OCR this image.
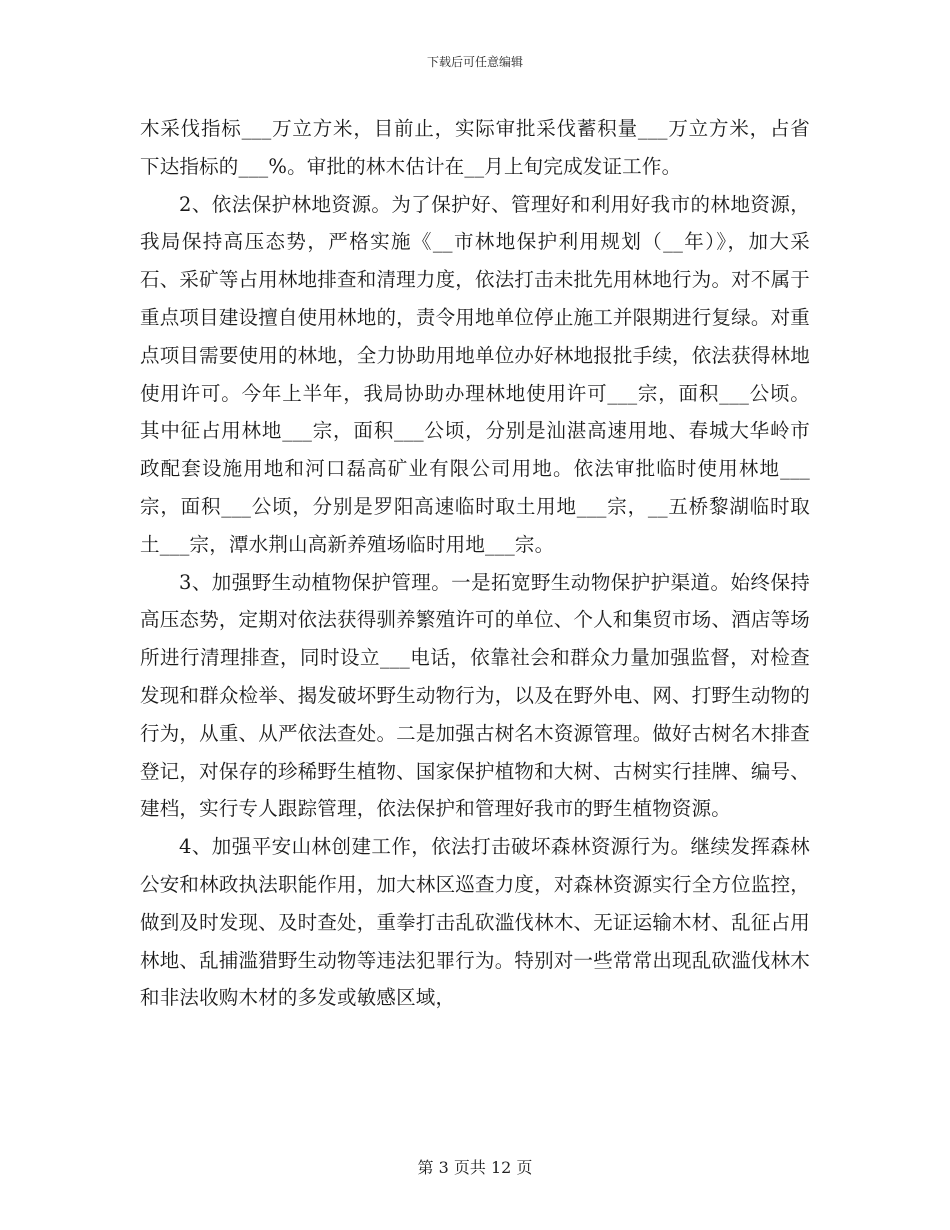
下载后可任意编辑

木采伐指标___万立方米，目前止，实际审批采伐蓄积量___万立方米，占省下达指标的___%。审批的林木估计在__月上旬完成发证工作。

2、依法保护林地资源。为了保护好、管理好和利用好我市的林地资源，我局保持高压态势，严格实施《__市林地保护利用规划（__年）》，加大采石、采矿等占用林地排查和清理力度，依法打击未批先用林地行为。对不属于重点项目建设擅自使用林地的，责令用地单位停止施工并限期进行复绿。对重点项目需要使用的林地，全力协助用地单位办好林地报批手续，依法获得林地使用许可。今年上半年，我局协助办理林地使用许可___宗，面积___公顷。其中征占用林地___宗，面积___公顷，分别是汕湛高速用地、春城大华岭市政配套设施用地和河口磊高矿业有限公司用地。依法审批临时使用林地___宗，面积___公顷，分别是罗阳高速临时取土用地___宗，__五桥黎湖临时取土___宗，潭水荆山高新养殖场临时用地___宗。

3、加强野生动植物保护管理。一是拓宽野生动物保护护渠道。始终保持高压态势，定期对依法获得驯养繁殖许可的单位、个人和集贸市场、酒店等场所进行清理排查，同时设立___电话，依靠社会和群众力量加强监督，对检查发现和群众检举、揭发破坏野生动物行为，以及在野外电、网、打野生动物的行为，从重、从严依法查处。二是加强古树名木资源管理。做好古树名木排查登记，对保存的珍稀野生植物、国家保护植物和大树、古树实行挂牌、编号、建档，实行专人跟踪管理，依法保护和管理好我市的野生植物资源。

4、加强平安山林创建工作，依法打击破坏森林资源行为。继续发挥森林公安和林政执法职能作用，加大林区巡查力度，对森林资源实行全方位监控，做到及时发现、及时查处，重拳打击乱砍滥伐林木、无证运输木材、乱征占用林地、乱捕滥猎野生动物等违法犯罪行为。特别对一些常常出现乱砍滥伐林木和非法收购木材的多发或敏感区域，

第 3 页共 12 页
